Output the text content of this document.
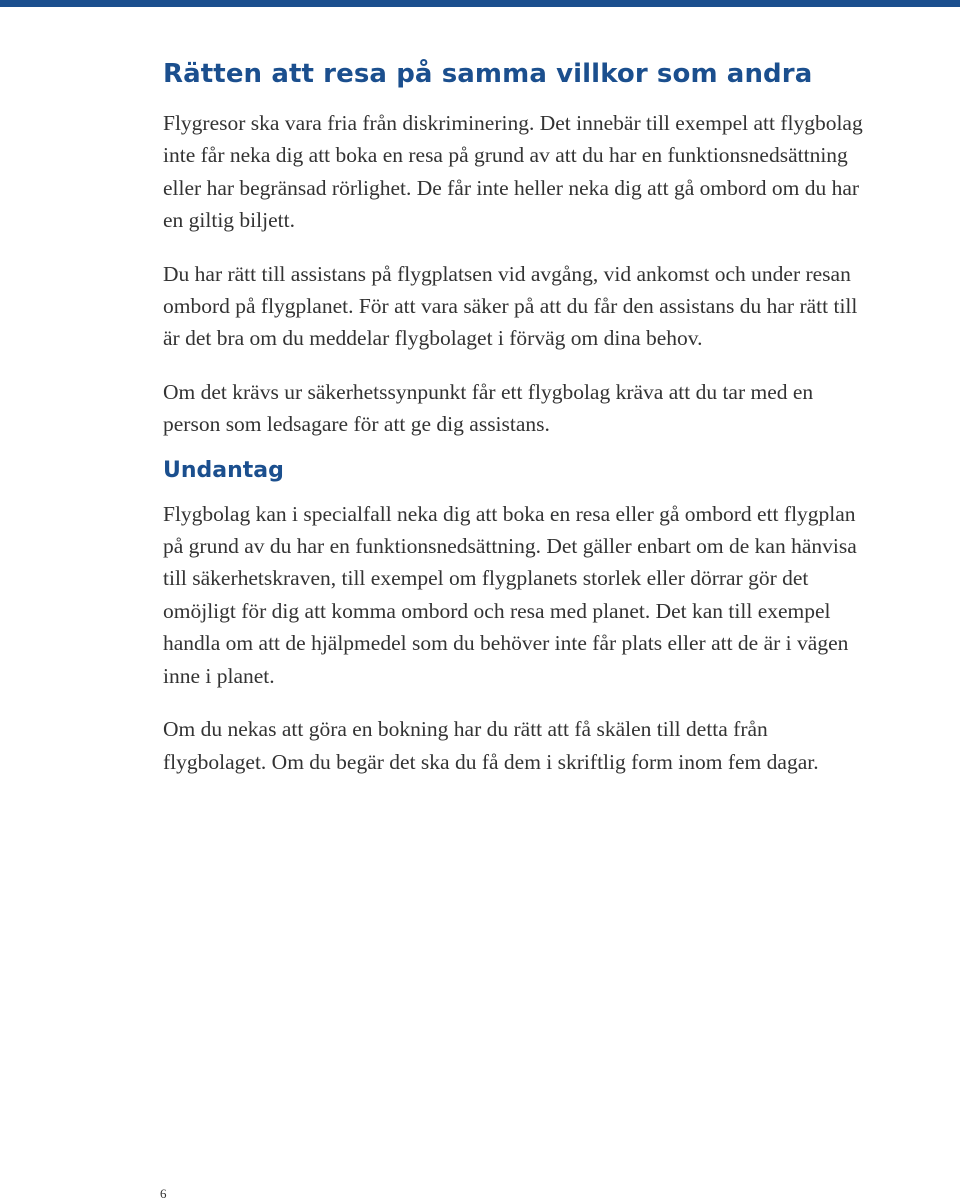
Rätten att resa på samma villkor som andra

Flygresor ska vara fria från diskriminering. Det innebär till exempel att flygbolag inte får neka dig att boka en resa på grund av att du har en funktionsnedsättning eller har begränsad rörlighet. De får inte heller neka dig att gå ombord om du har en giltig biljett.

Du har rätt till assistans på flygplatsen vid avgång, vid ankomst och under resan ombord på flygplanet. För att vara säker på att du får den assistans du har rätt till är det bra om du meddelar flygbolaget i förväg om dina behov.

Om det krävs ur säkerhetssynpunkt får ett flygbolag kräva att du tar med en person som ledsagare för att ge dig assistans.

Undantag

Flygbolag kan i specialfall neka dig att boka en resa eller gå ombord ett flygplan på grund av du har en funktionsnedsättning. Det gäller enbart om de kan hänvisa till säkerhetskraven, till exempel om flygplanets storlek eller dörrar gör det omöjligt för dig att komma ombord och resa med planet. Det kan till exempel handla om att de hjälpmedel som du behöver inte får plats eller att de är i vägen inne i planet.

Om du nekas att göra en bokning har du rätt att få skälen till detta från flygbolaget. Om du begär det ska du få dem i skriftlig form inom fem dagar.

6
